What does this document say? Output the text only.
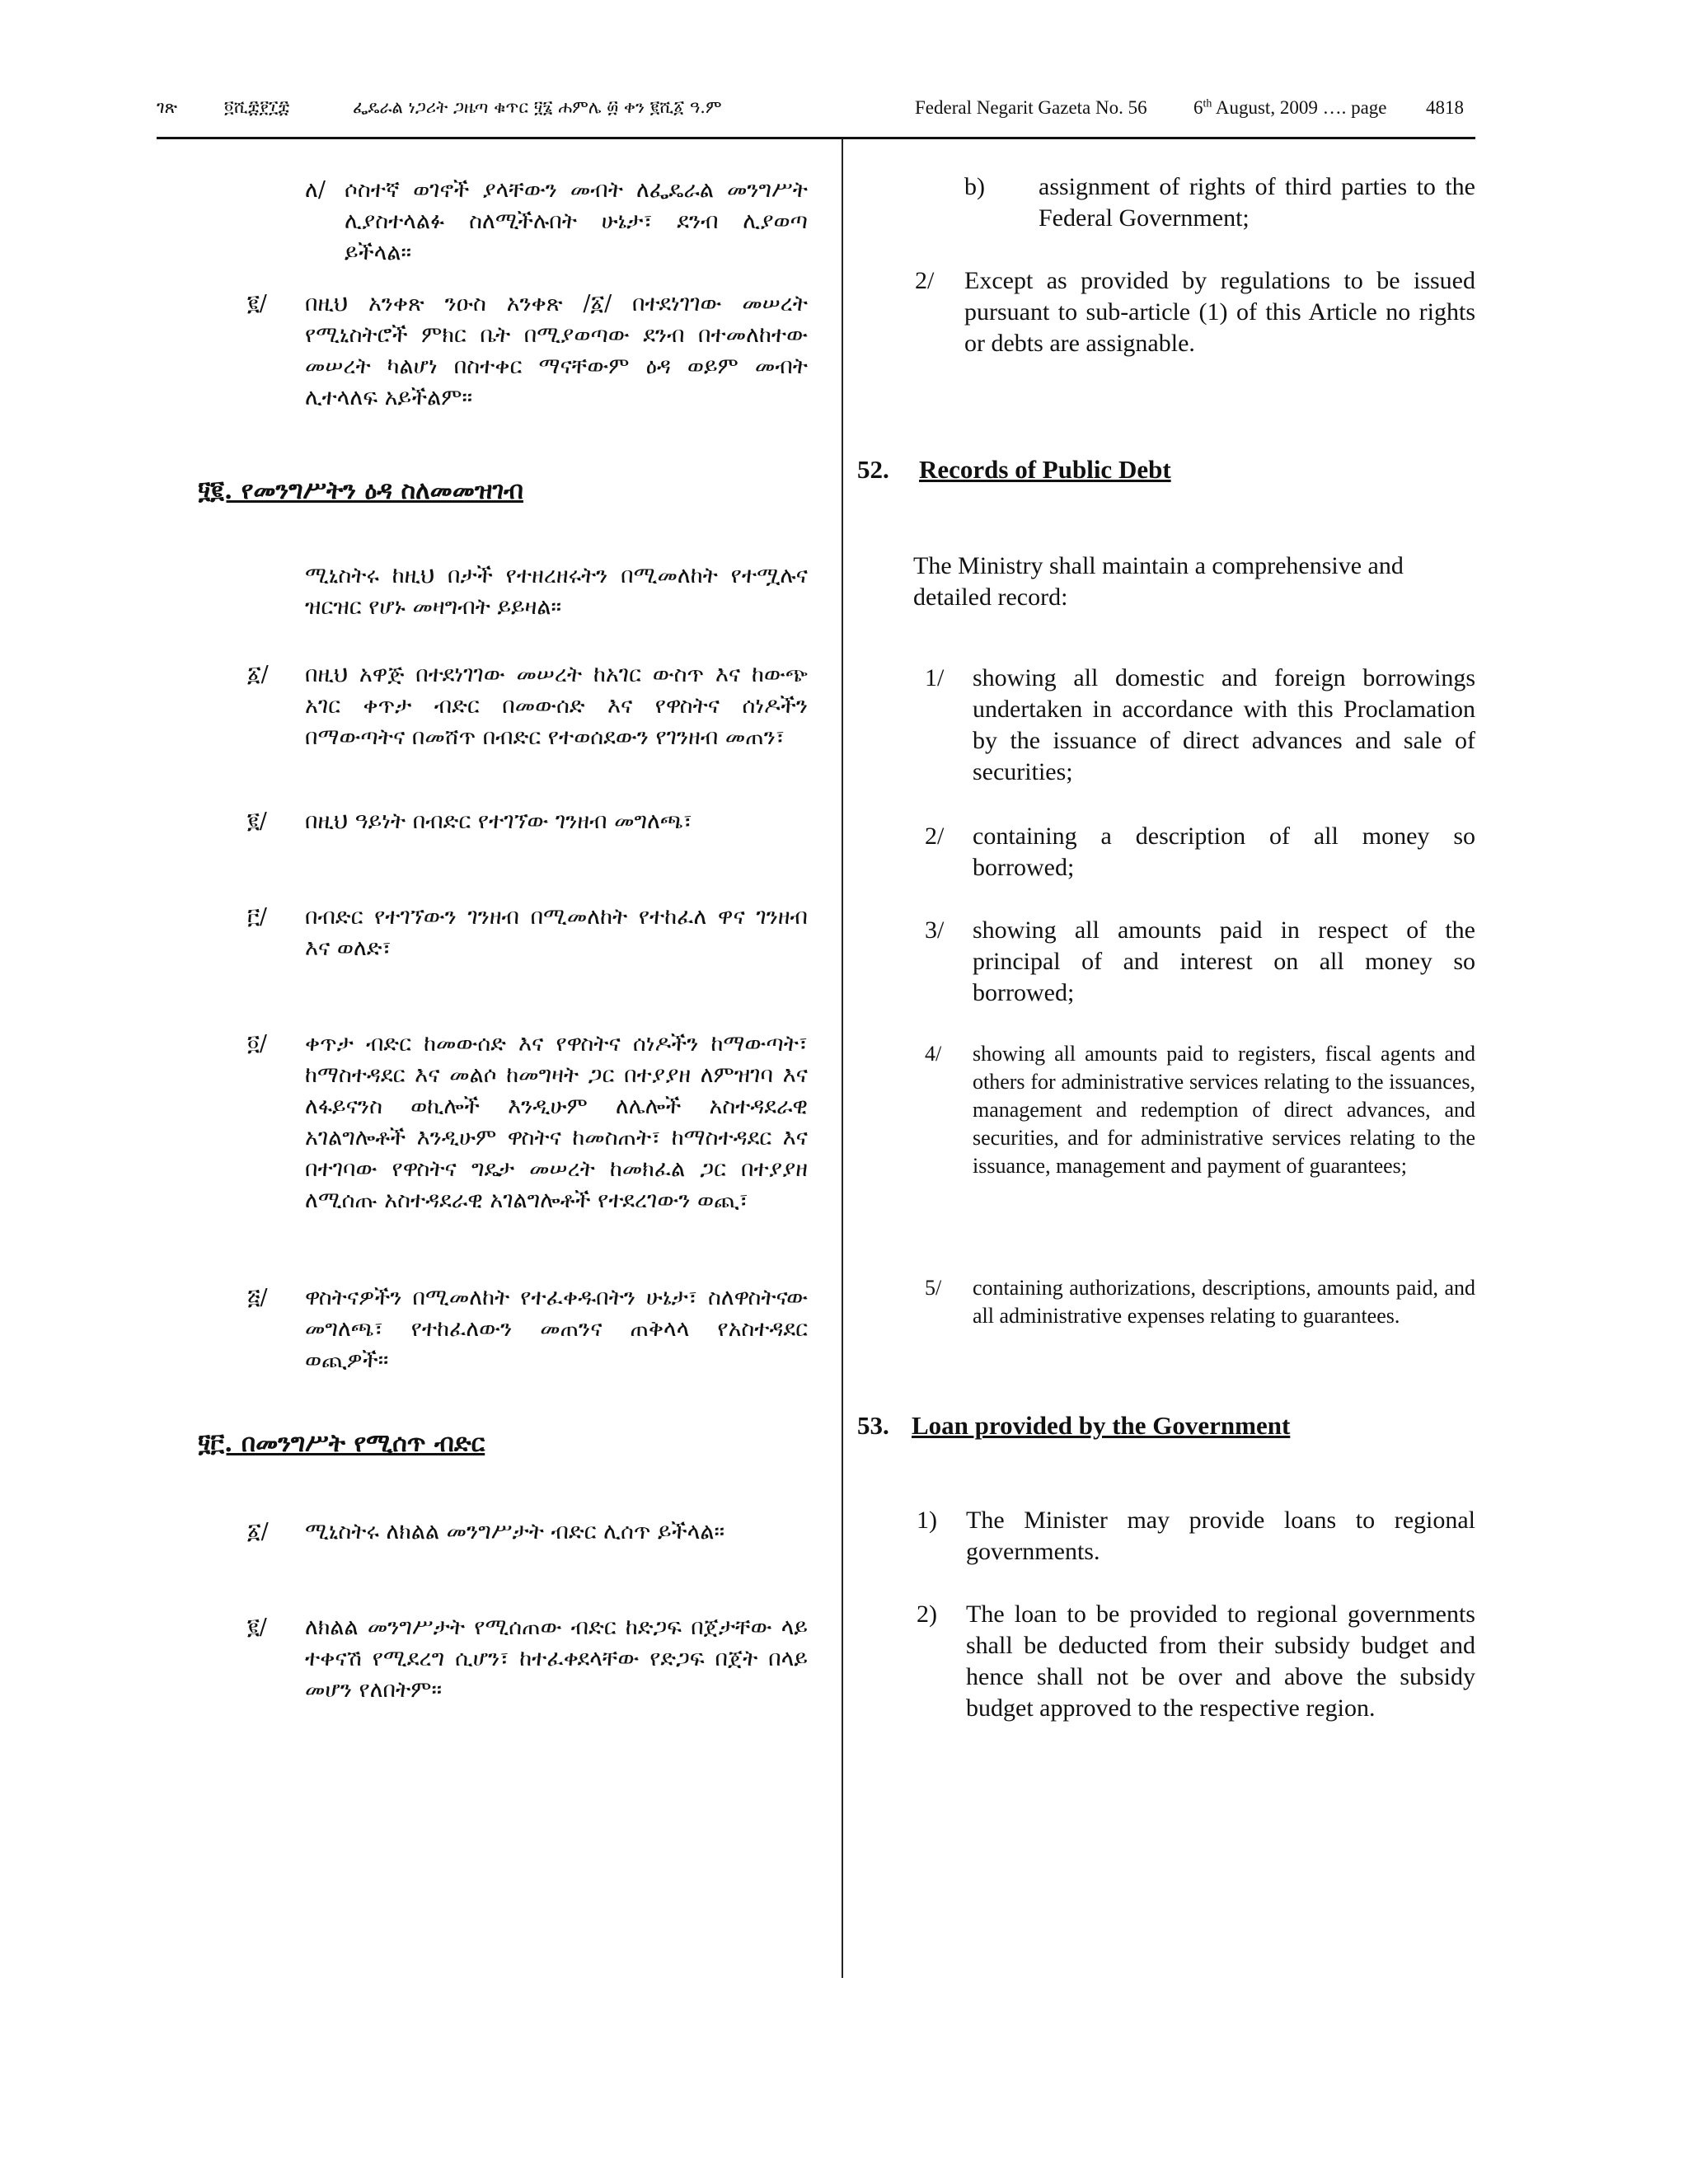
ገጽ	፬ሺ፰፻፲፰	ፌዴራል ነጋሪት ጋዜጣ ቁጥር ፶፮ ሐምሌ ፴ ቀን ፪ሺ፩ ዓ.ም	Federal Negarit Gazeta No. 56 6th August, 2009 …. page 4818
ለ/ ሶስተኛ ወገኖች ያላቸውን መብት ለፌዴራል መንግሥት ሊያስተላልፉ ስለሚችሉበት ሁኔታ፣ ደንብ ሊያወጣ ይችላል።
፪/	በዚህ አንቀጽ ንዑስ አንቀጽ /፩/ በተደነገገው መሠረት የሚኒስትሮች ምክር ቤት በሚያወጣው ደንብ በተመለከተው መሠረት ካልሆነ በስተቀር ማናቸውም ዕዳ ወይም መብት ሊተላለፍ አይችልም።
፶፪. የመንግሥትን ዕዳ ስለመመዝገብ
ሚኒስትሩ ከዚህ በታች የተዘረዘሩትን በሚመለከት የተሟሉና ዝርዝር የሆኑ መዛግብት ይይዛል።
፩/	በዚህ አዋጅ በተደነገገው መሠረት ከአገር ውስጥ እና ከውጭ አገር ቀጥታ ብድር በመውሰድ እና የዋስትና ሰነዶችን በማውጣትና በመሸጥ በብድር የተወሰደውን የገንዘብ መጠን፣
፪/	በዚህ ዓይነት በብድር የተገኘው ገንዘብ መግለጫ፣
፫/	በብድር የተገኘውን ገንዘብ በሚመለከት የተከፈለ ዋና ገንዘብ እና ወለድ፣
፬/	ቀጥታ ብድር ከመውሰድ እና የዋስትና ሰነዶችን ከማውጣት፣ ከማስተዳደር እና መልሶ ከመግዛት ጋር በተያያዘ ለምዝገባ እና ለፋይናንስ ወኪሎች እንዲሁም ለሌሎች አስተዳደራዊ አገልግሎቶች እንዲሁም ዋስትና ከመስጠት፣ ከማስተዳደር እና በተገባው የዋስትና ግዴታ መሠረት ከመክፈል ጋር በተያያዘ ለሚሰጡ አስተዳደራዊ አገልግሎቶች የተደረገውን ወጪ፣
፭/	ዋስትናዎችን በሚመለከት የተፈቀዱበትን ሁኔታ፣ ስለዋስትናው መግለጫ፣ የተከፈለውን መጠንና ጠቅላላ የአስተዳደር ወጪዎች።
፶፫. በመንግሥት የሚሰጥ ብድር
፩/	ሚኒስትሩ ለክልል መንግሥታት ብድር ሊሰጥ ይችላል።
፪/	ለክልል መንግሥታት የሚሰጠው ብድር ከድጋፍ በጀታቸው ላይ ተቀናሽ የሚደረግ ሲሆን፣ ከተፈቀደላቸው የድጋፍ በጀት በላይ መሆን የለበትም።
b)	assignment of rights of third parties to the Federal Government;
2/	Except as provided by regulations to be issued pursuant to sub-article (1) of this Article no rights or debts are assignable.
52. Records of Public Debt
The Ministry shall maintain a comprehensive and detailed record:
1/	showing all domestic and foreign borrowings undertaken in accordance with this Proclamation by the issuance of direct advances and sale of securities;
2/	containing a description of all money so borrowed;
3/	showing all amounts paid in respect of the principal of and interest on all money so borrowed;
4/	showing all amounts paid to registers, fiscal agents and others for administrative services relating to the issuances, management and redemption of direct advances, and securities, and for administrative services relating to the issuance, management and payment of guarantees;
5/	containing authorizations, descriptions, amounts paid, and all administrative expenses relating to guarantees.
53. Loan provided by the Government
1)	The Minister may provide loans to regional governments.
2)	The loan to be provided to regional governments shall be deducted from their subsidy budget and hence shall not be over and above the subsidy budget approved to the respective region.
